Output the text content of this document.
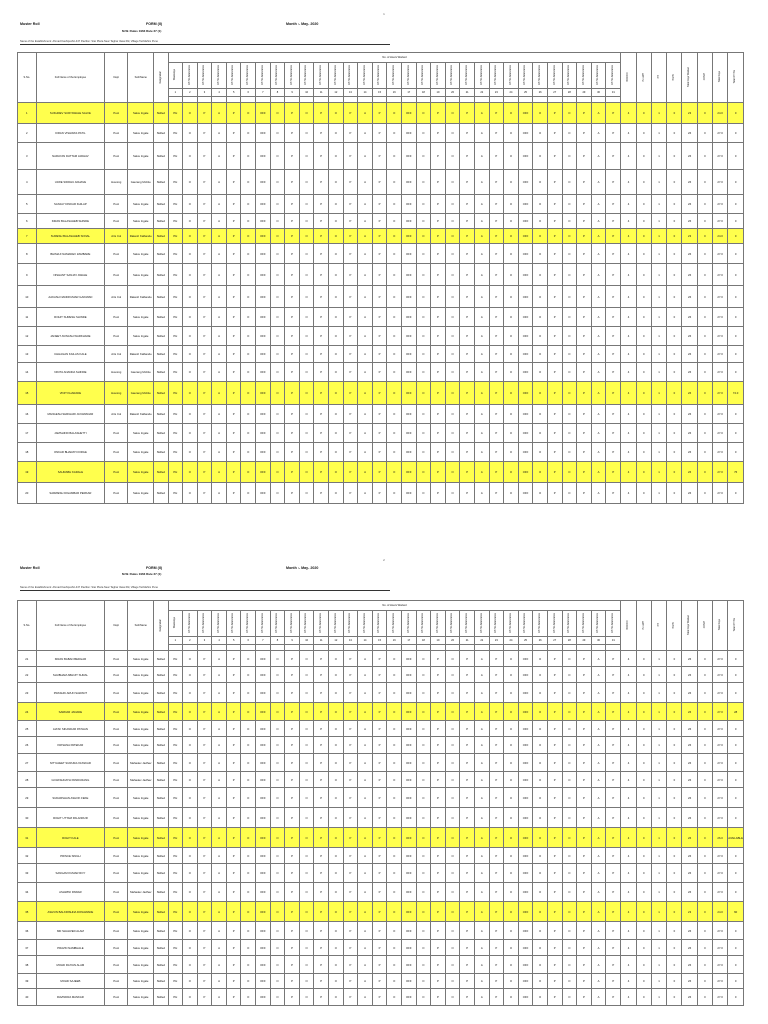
1
Muster Roll	FORM (II)	Month :- May- 2020
M.W. Rules 1963 Rule 27 (1)
Name of the Establishment: Ahmad Kashipur/Ht-447 Pavilion: Star Plaza Near Taghar Vasai Rd, Village Tal-Mahim Pune
S.No.	Full Name of the Employee	Dept	Sub/Name	Designation	No. of Hours Worked																															WO/OFF	PL/LWP	PH	HD/Hr	Total Days Worked	COMP	Total Days	Total OT Hrs
					Weekdays	AT Hrs Attendance	AT Hrs Attendance	AT Hrs Attendance	AT Hrs Attendance	AT Hrs Attendance	AT Hrs Attendance	AT Hrs Attendance	AT Hrs Attendance	AT Hrs Attendance	AT Hrs Attendance	AT Hrs Attendance	AT Hrs Attendance	AT Hrs Attendance	AT Hrs Attendance	AT Hrs Attendance	AT Hrs Attendance	AT Hrs Attendance	AT Hrs Attendance	AT Hrs Attendance	AT Hrs Attendance	AT Hrs Attendance	AT Hrs Attendance	AT Hrs Attendance	AT Hrs Attendance	AT Hrs Attendance	AT Hrs Attendance	AT Hrs Attendance	AT Hrs Attendance	AT Hrs Attendance	AT Hrs Attendance								
					1	2	3	4	5	6	7	8	9	10	11	12	13	14	15	16	17	18	19	20	21	22	23	24	25	26	27	28	29	30	31								

1	SUKHDEV SURYAWALE SALVE	Pool	Salve Ingale	Skilled	PH	O	P	A	P	O	OFF	O	P	O	P	O	P	A	P	O	OFF	O	P	O	P	A	P	O	OFF	O	P	O	P	A	P	4	0	1	0	23	0	24.0	0
2	KIRAN VISHWAS PATIL	Pool	Salve Ingale	Skilled	PH	O	P	A	P	O	OFF	O	P	O	P	O	P	A	P	O	OFF	O	P	O	P	A	P	O	OFF	O	P	O	P	A	P	4	0	1	0	26	0	27.0	0
3	NARAYAN DATTAM JADHAV	Pool	Salve Ingale	Skilled	PH	O	P	A	P	O	OFF	O	P	O	P	O	P	A	P	O	OFF	O	P	O	P	A	P	O	OFF	O	P	O	P	A	P	4	0	1	0	26	0	27.0	0
4	UJWE SIDDHU ADHAVE	Housing	Gaurang Mohite	Skilled	PH	O	P	A	P	O	OFF	O	P	O	P	O	P	A	P	O	OFF	O	P	O	P	A	P	O	OFF	O	P	O	P	A	P	4	0	1	0	26	0	27.0	0
5	SANJAY DINKAR KHILAP	Pool	Salve Ingale	Skilled	PH	O	P	A	P	O	OFF	O	P	O	P	O	P	A	P	O	OFF	O	P	O	P	A	P	O	OFF	O	P	O	P	A	P	4	0	1	0	26	0	27.0	0
6	KIRAN BALASAHEB SHINDE	Pool	Salve Ingale	Skilled	PH	O	P	A	P	O	OFF	O	P	O	P	O	P	A	P	O	OFF	O	P	O	P	A	P	O	OFF	O	P	O	P	A	P	4	0	1	0	26	0	27.0	0
7	SURESH BALASAHEB SONAL	Arts Col	Rakesh Kalbande	Skilled	PH	O	P	A	P	O	OFF	O	P	O	P	O	P	A	P	O	OFF	O	P	O	P	A	P	O	OFF	O	P	O	P	A	P	4	0	1	0	23	0	24.0	0
8	BHIMAJI NAMADEV ZAMBARE	Pool	Salve Ingale	Skilled	PH	O	P	A	P	O	OFF	O	P	O	P	O	P	A	P	O	OFF	O	P	O	P	A	P	O	OFF	O	P	O	P	A	P	4	0	1	0	26	0	27.0	0
9	NISHANT SANJAY AWALE	Pool	Salve Ingale	Skilled	PH	O	P	A	P	O	OFF	O	P	O	P	O	P	A	P	O	OFF	O	P	O	P	A	P	O	OFF	O	P	O	P	A	P	4	0	1	0	26	0	27.0	0
10	AAKASH NANDKUMAR GAIKWAD	Arts Col	Rakesh Kalbande	Skilled	PH	O	P	A	P	O	OFF	O	P	O	P	O	P	A	P	O	OFF	O	P	O	P	A	P	O	OFF	O	P	O	P	A	P	4	0	1	0	26	0	27.0	0
11	ROHIT SURESH SHINDE	Pool	Salve Ingale	Skilled	PH	O	P	A	P	O	OFF	O	P	O	P	O	P	A	P	O	OFF	O	P	O	P	A	P	O	OFF	O	P	O	P	A	P	4	0	1	0	26	0	27.0	0
12	JANEET AVINASH WARKHADE	Pool	Salve Ingale	Skilled	PH	O	P	A	P	O	OFF	O	P	O	P	O	P	A	P	O	OFF	O	P	O	P	A	P	O	OFF	O	P	O	P	A	P	4	0	1	0	26	0	27.0	0
13	CHHAGAN KAILAS KALE	Arts Col	Rakesh Kalbande	Skilled	PH	O	P	A	P	O	OFF	O	P	O	P	O	P	A	P	O	OFF	O	P	O	P	A	P	O	OFF	O	P	O	P	A	P	4	0	1	0	26	0	27.0	0
14	NIKITA ANANDA SHINDE	Housing	Gaurang Mohite	Skilled	PH	O	P	A	P	O	OFF	O	P	O	P	O	P	A	P	O	OFF	O	P	O	P	A	P	O	OFF	O	P	O	P	A	P	4	0	1	0	26	0	27.0	0
15	VINIT KHARADE	Housing	Gaurang Mohite	Skilled	PH	O	P	A	P	O	OFF	O	P	O	P	O	P	A	P	O	OFF	O	P	O	P	A	P	O	OFF	O	P	O	P	A	P	4	0	1	0	26	0	27.0	72.0
16	MANGESH SHRIHARI JAYAWANAR	Arts Col	Rakesh Kalbande	Skilled	PH	O	P	A	P	O	OFF	O	P	O	P	O	P	A	P	O	OFF	O	P	O	P	A	P	O	OFF	O	P	O	P	A	P	4	0	1	0	26	0	27.0	0
17	JAMSHIND BALASHETTI	Pool	Salve Ingale	Skilled	PH	O	P	A	P	O	OFF	O	P	O	P	O	P	A	P	O	OFF	O	P	O	P	A	P	O	OFF	O	P	O	P	A	P	4	0	1	0	26	0	27.0	0
18	ONKAR BHARAT DORGE	Pool	Salve Ingale	Skilled	PH	O	P	A	P	O	OFF	O	P	O	P	O	P	A	P	O	OFF	O	P	O	P	A	P	O	OFF	O	P	O	P	A	P	4	0	1	0	26	0	27.0	0
19	SAURABH KARALE	Pool	Salve Ingale	Skilled	PH	O	P	A	P	O	OFF	O	P	O	P	O	P	A	P	O	OFF	O	P	O	P	A	P	O	OFF	O	P	O	P	A	P	4	0	1	0	26	0	27.0	76
20	SARWESH DIGAMBAR PERKAR	Pool	Salve Ingale	Skilled	PH	O	P	A	P	O	OFF	O	P	O	P	O	P	A	P	O	OFF	O	P	O	P	A	P	O	OFF	O	P	O	P	A	P	4	0	1	0	26	0	27.0	0
2
Muster Roll	FORM (II)	Month :- May- 2020
M.W. Rules 1963 Rule 27 (1)
Name of the Establishment: Ahmad Kashipur/Ht-447 Pavilion: Star Plaza Near Taghar Vasai Rd, Village Tal-Mahim Pune
S.No.	Full Name of the Employee	Dept	Sub/Name	Designation	No. of Hours Worked																															WO/OFF	PL/LWP	PH	HD/Hr	Total Days Worked	COMP	Total Days	Total OT Hrs
					Weekdays	AT Hrs Attendance	AT Hrs Attendance	AT Hrs Attendance	AT Hrs Attendance	AT Hrs Attendance	AT Hrs Attendance	AT Hrs Attendance	AT Hrs Attendance	AT Hrs Attendance	AT Hrs Attendance	AT Hrs Attendance	AT Hrs Attendance	AT Hrs Attendance	AT Hrs Attendance	AT Hrs Attendance	AT Hrs Attendance	AT Hrs Attendance	AT Hrs Attendance	AT Hrs Attendance	AT Hrs Attendance	AT Hrs Attendance	AT Hrs Attendance	AT Hrs Attendance	AT Hrs Attendance	AT Hrs Attendance	AT Hrs Attendance	AT Hrs Attendance	AT Hrs Attendance	AT Hrs Attendance	AT Hrs Attendance								
					1	2	3	4	5	6	7	8	9	10	11	12	13	14	15	16	17	18	19	20	21	22	23	24	25	26	27	28	29	30	31								

21	KIRAN BABAN BEDGAR	Pool	Salve Ingale	Skilled	PH	O	P	A	P	O	OFF	O	P	O	P	O	P	A	P	O	OFF	O	P	O	P	A	P	O	OFF	O	P	O	P	A	P	4	0	1	0	26	0	27.0	0
22	SHUBHAM ABHIJIT SURAL	Pool	Salve Ingale	Skilled	PH	O	P	A	P	O	OFF	O	P	O	P	O	P	A	P	O	OFF	O	P	O	P	A	P	O	OFF	O	P	O	P	A	P	4	0	1	0	26	0	27.0	0
23	PRASHIK ARUN SAWANT	Pool	Salve Ingale	Skilled	PH	O	P	A	P	O	OFF	O	P	O	P	O	P	A	P	O	OFF	O	P	O	P	A	P	O	OFF	O	P	O	P	A	P	4	0	1	0	26	0	27.0	0
24	SARDAR JANADE	Pool	Salve Ingale	Skilled	PH	O	P	A	P	O	OFF	O	P	O	P	O	P	A	P	O	OFF	O	P	O	P	A	P	O	OFF	O	P	O	P	A	P	4	0	1	0	26	0	27.0	28
25	ALTAF SIKANDAR PATHAN	Pool	Salve Ingale	Skilled	PH	O	P	A	P	O	OFF	O	P	O	P	O	P	A	P	O	OFF	O	P	O	P	A	P	O	OFF	O	P	O	P	A	P	4	0	1	0	26	0	27.0	0
26	KRISHNA PATEKAR	Pool	Salve Ingale	Skilled	PH	O	P	A	P	O	OFF	O	P	O	P	O	P	A	P	O	OFF	O	P	O	P	A	P	O	OFF	O	P	O	P	A	P	4	0	1	0	26	0	27.0	0
27	NITYAJEET SURURAJ RASKAR	Pool	Mahadev Jadhav	Skilled	PH	O	P	A	P	O	OFF	O	P	O	P	O	P	A	P	O	OFF	O	P	O	P	A	P	O	OFF	O	P	O	P	A	P	4	0	1	0	26	0	27.0	0
28	GOAKSHNATH PANDURANG	Pool	Mahadev Jadhav	Skilled	PH	O	P	A	P	O	OFF	O	P	O	P	O	P	A	P	O	OFF	O	P	O	P	A	P	O	OFF	O	P	O	P	A	P	4	0	1	0	26	0	27.0	0
29	SUDARSHAN ASHOK FEKE	Pool	Salve Ingale	Skilled	PH	O	P	A	P	O	OFF	O	P	O	P	O	P	A	P	O	OFF	O	P	O	P	A	P	O	OFF	O	P	O	P	A	P	4	0	1	0	26	0	27.0	0
30	ROHIT UTTAM PALANDUR	Pool	Salve Ingale	Skilled	PH	O	P	A	P	O	OFF	O	P	O	P	O	P	A	P	O	OFF	O	P	O	P	A	P	O	OFF	O	P	O	P	A	P	4	0	1	0	26	0	27.0	0
31	ROHIT KALE	Pool	Salve Ingale	Skilled	PH	O	P	A	P	O	OFF	O	P	O	P	O	P	A	P	O	OFF	O	P	O	P	A	P	O	OFF	O	P	O	P	A	P	4	0	1	0	26	0	26.0	AVAILABLE
32	PRINCE SINGH	Pool	Salve Ingale	Skilled	PH	O	P	A	P	O	OFF	O	P	O	P	O	P	A	P	O	OFF	O	P	O	P	A	P	O	OFF	O	P	O	P	A	P	4	0	1	0	26	0	27.0	0
33	SANGAM KUMAR ROY	Pool	Salve Ingale	Skilled	PH	O	P	A	P	O	OFF	O	P	O	P	O	P	A	P	O	OFF	O	P	O	P	A	P	O	OFF	O	P	O	P	A	P	4	0	1	0	26	0	27.0	0
34	ASHWINI PAWAR	Pool	Mahadev Jadhav	Skilled	PH	O	P	A	P	O	OFF	O	P	O	P	O	P	A	P	O	OFF	O	P	O	P	A	P	O	OFF	O	P	O	P	A	P	4	0	1	0	26	0	27.0	0
35	ASHVIN BALKRISHNA DONAWADE	Pool	Salve Ingale	Skilled	PH	O	P	A	P	O	OFF	O	P	O	P	O	P	A	P	O	OFF	O	P	O	P	A	P	O	OFF	O	P	O	P	A	P	4	0	1	0	23	0	24.0	60
36	MD SHAHVED ALAM	Pool	Salve Ingale	Skilled	PH	O	P	A	P	O	OFF	O	P	O	P	O	P	A	P	O	OFF	O	P	O	P	A	P	O	OFF	O	P	O	P	A	P	4	0	1	0	26	0	27.0	0
37	PRAVIN NAMBHALE	Pool	Salve Ingale	Skilled	PH	O	P	A	P	O	OFF	O	P	O	P	O	P	A	P	O	OFF	O	P	O	P	A	P	O	OFF	O	P	O	P	A	P	4	0	1	0	26	0	27.0	0
38	MOHD RAIYAN ALAM	Pool	Salve Ingale	Skilled	PH	O	P	A	P	O	OFF	O	P	O	P	O	P	A	P	O	OFF	O	P	O	P	A	P	O	OFF	O	P	O	P	A	P	4	0	1	0	26	0	27.0	0
39	MOHD SAJEEB	Pool	Salve Ingale	Skilled	PH	O	P	A	P	O	OFF	O	P	O	P	O	P	A	P	O	OFF	O	P	O	P	A	P	O	OFF	O	P	O	P	A	P	4	0	1	0	26	0	27.0	0
40	RAVINDRA MANKAR	Pool	Salve Ingale	Skilled	PH	O	P	A	P	O	OFF	O	P	O	P	O	P	A	P	O	OFF	O	P	O	P	A	P	O	OFF	O	P	O	P	A	P	4	0	1	0	26	0	27.0	0
